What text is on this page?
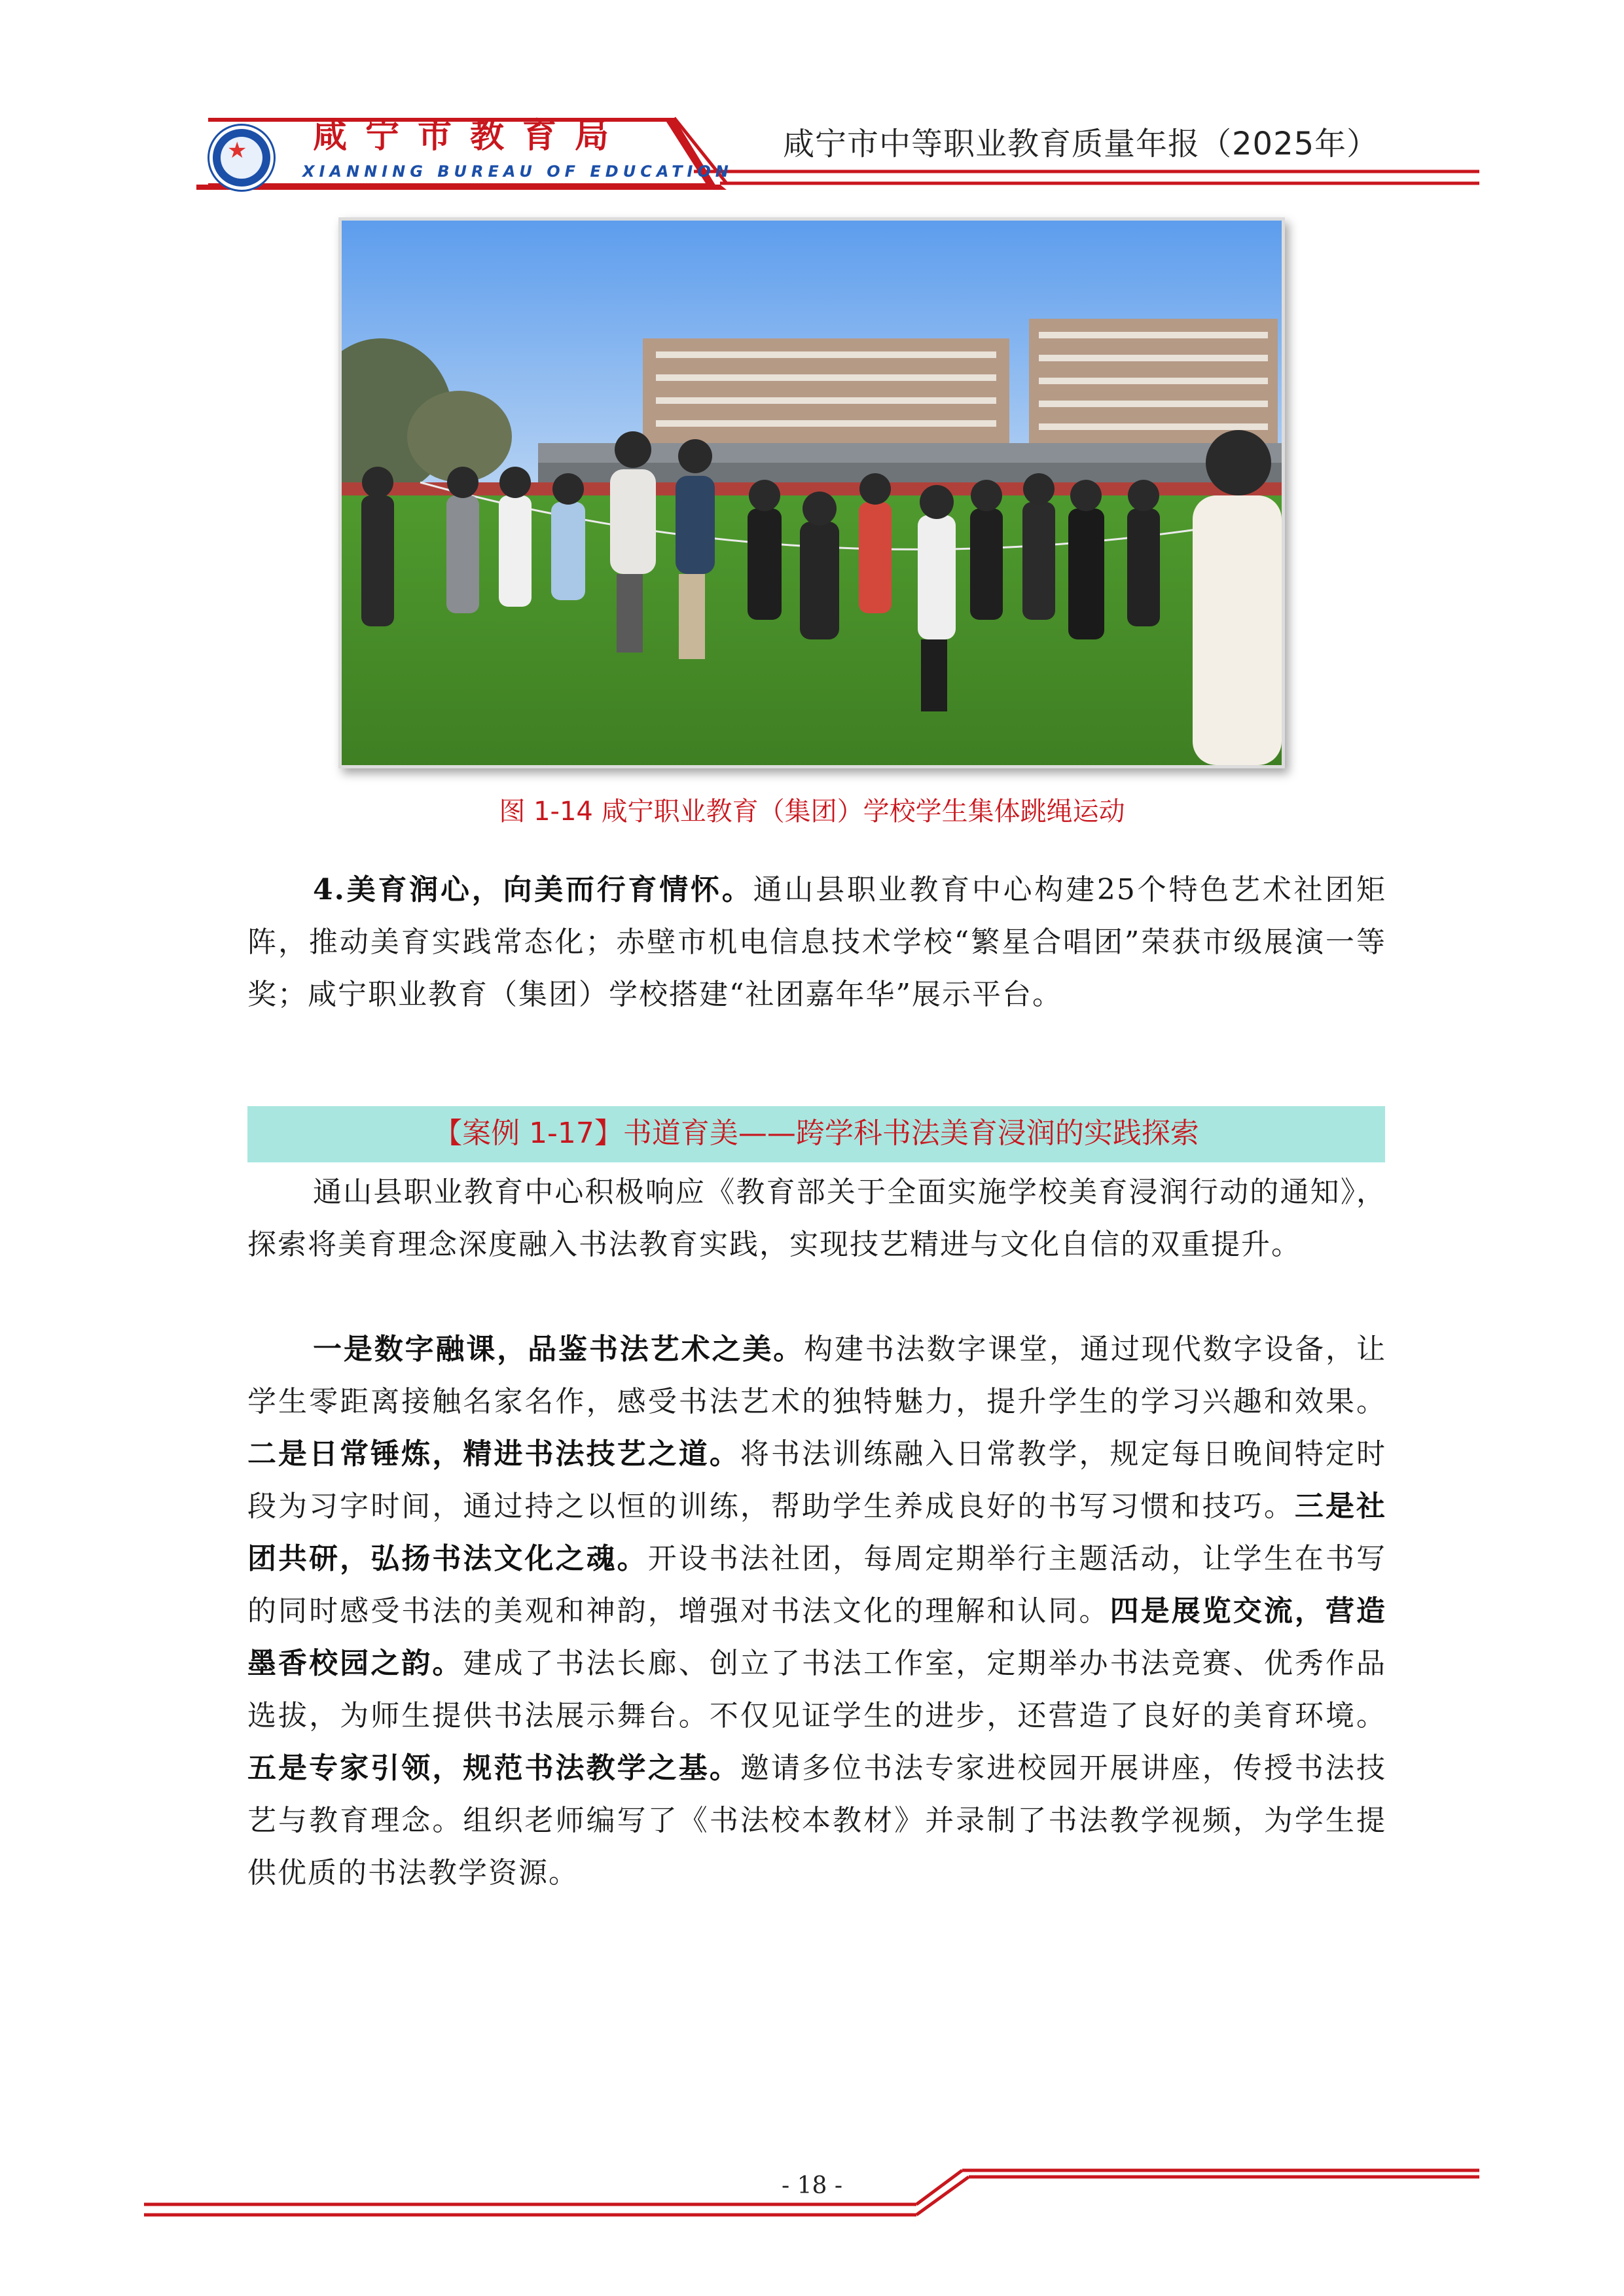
★ 咸宁市教育局
XIANNING BUREAU OF EDUCATION
咸宁市中等职业教育质量年报（2025年）
图 1-14 咸宁职业教育（集团）学校学生集体跳绳运动

4.美育润心，向美而行育情怀。通山县职业教育中心构建25个特色艺术社团矩阵，推动美育实践常态化；赤壁市机电信息技术学校“繁星合唱团”荣获市级展演一等奖；咸宁职业教育（集团）学校搭建“社团嘉年华”展示平台。

【案例 1-17】书道育美——跨学科书法美育浸润的实践探索

通山县职业教育中心积极响应《教育部关于全面实施学校美育浸润行动的通知》，探索将美育理念深度融入书法教育实践，实现技艺精进与文化自信的双重提升。

一是数字融课，品鉴书法艺术之美。构建书法数字课堂，通过现代数字设备，让学生零距离接触名家名作，感受书法艺术的独特魅力，提升学生的学习兴趣和效果。二是日常锤炼，精进书法技艺之道。将书法训练融入日常教学，规定每日晚间特定时段为习字时间，通过持之以恒的训练，帮助学生养成良好的书写习惯和技巧。三是社团共研，弘扬书法文化之魂。开设书法社团，每周定期举行主题活动，让学生在书写的同时感受书法的美观和神韵，增强对书法文化的理解和认同。四是展览交流，营造墨香校园之韵。建成了书法长廊、创立了书法工作室，定期举办书法竞赛、优秀作品选拔，为师生提供书法展示舞台。不仅见证学生的进步，还营造了良好的美育环境。五是专家引领，规范书法教学之基。邀请多位书法专家进校园开展讲座，传授书法技艺与教育理念。组织老师编写了《书法校本教材》并录制了书法教学视频，为学生提供优质的书法教学资源。

- 18 -
